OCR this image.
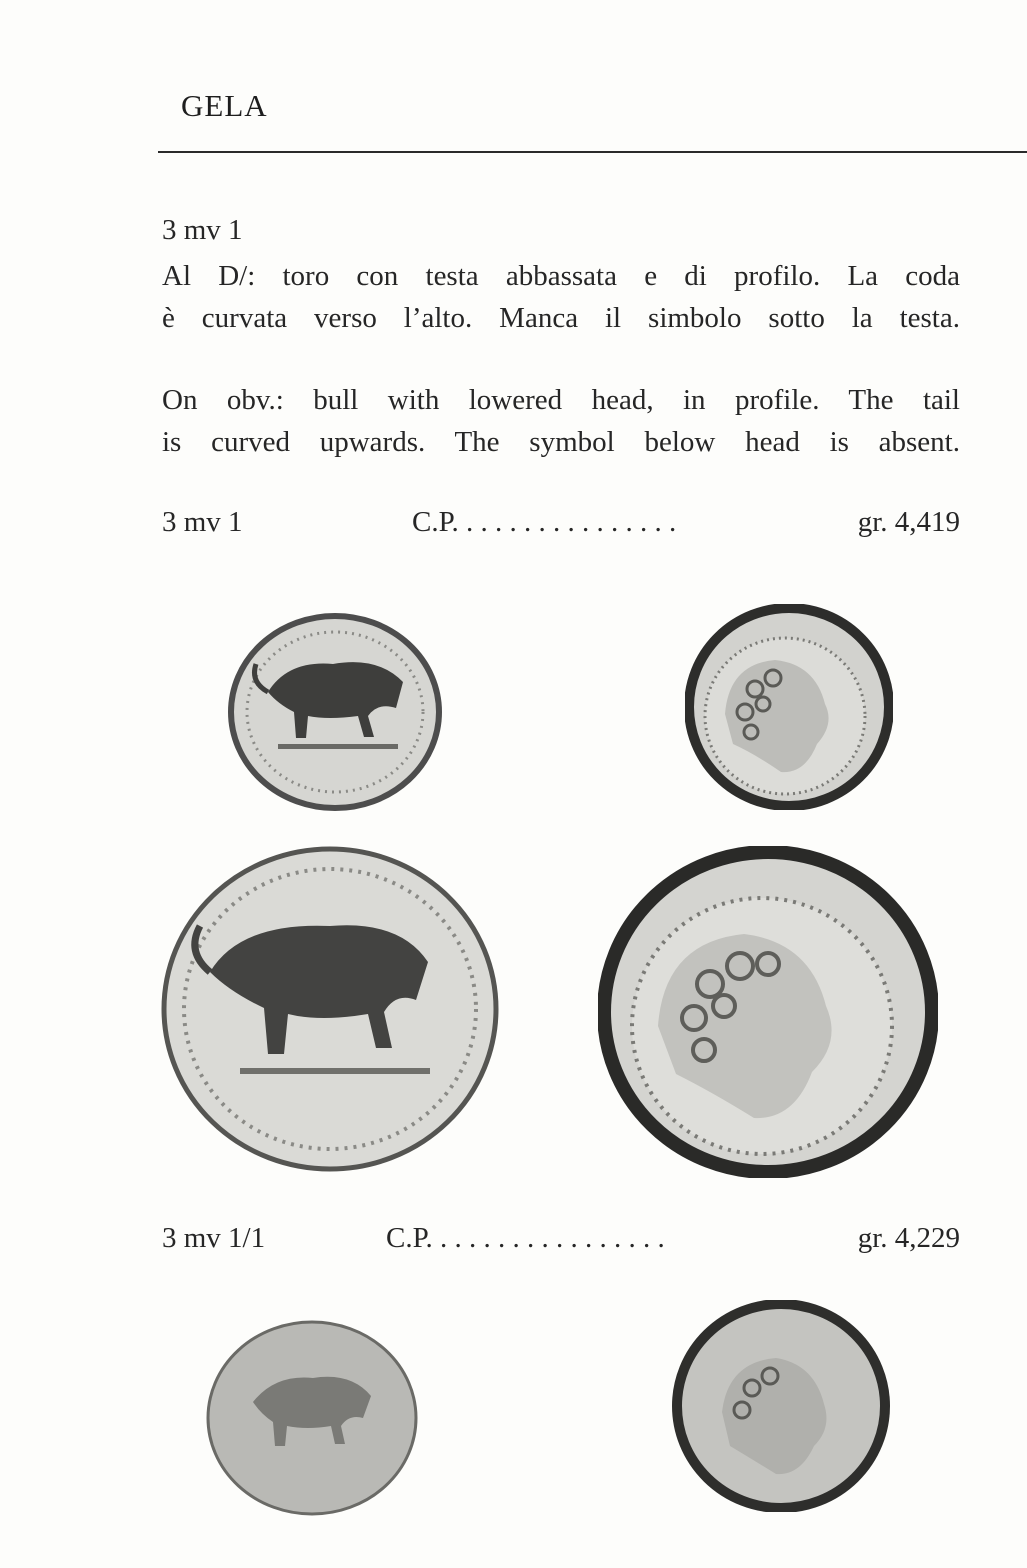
GELA
3 mv 1
Al D/: toro con testa abbassata e di profilo. La coda
è curvata verso l’alto. Manca il simbolo sotto la testa.
On obv.: bull with lowered head, in profile. The tail
is curved upwards. The symbol below head is absent.
3 mv 1	C.P. . . . . . . . . . . . . . . .	gr. 4,419
3 mv 1/1	C.P. . . . . . . . . . . . . . . . .	gr. 4,229
